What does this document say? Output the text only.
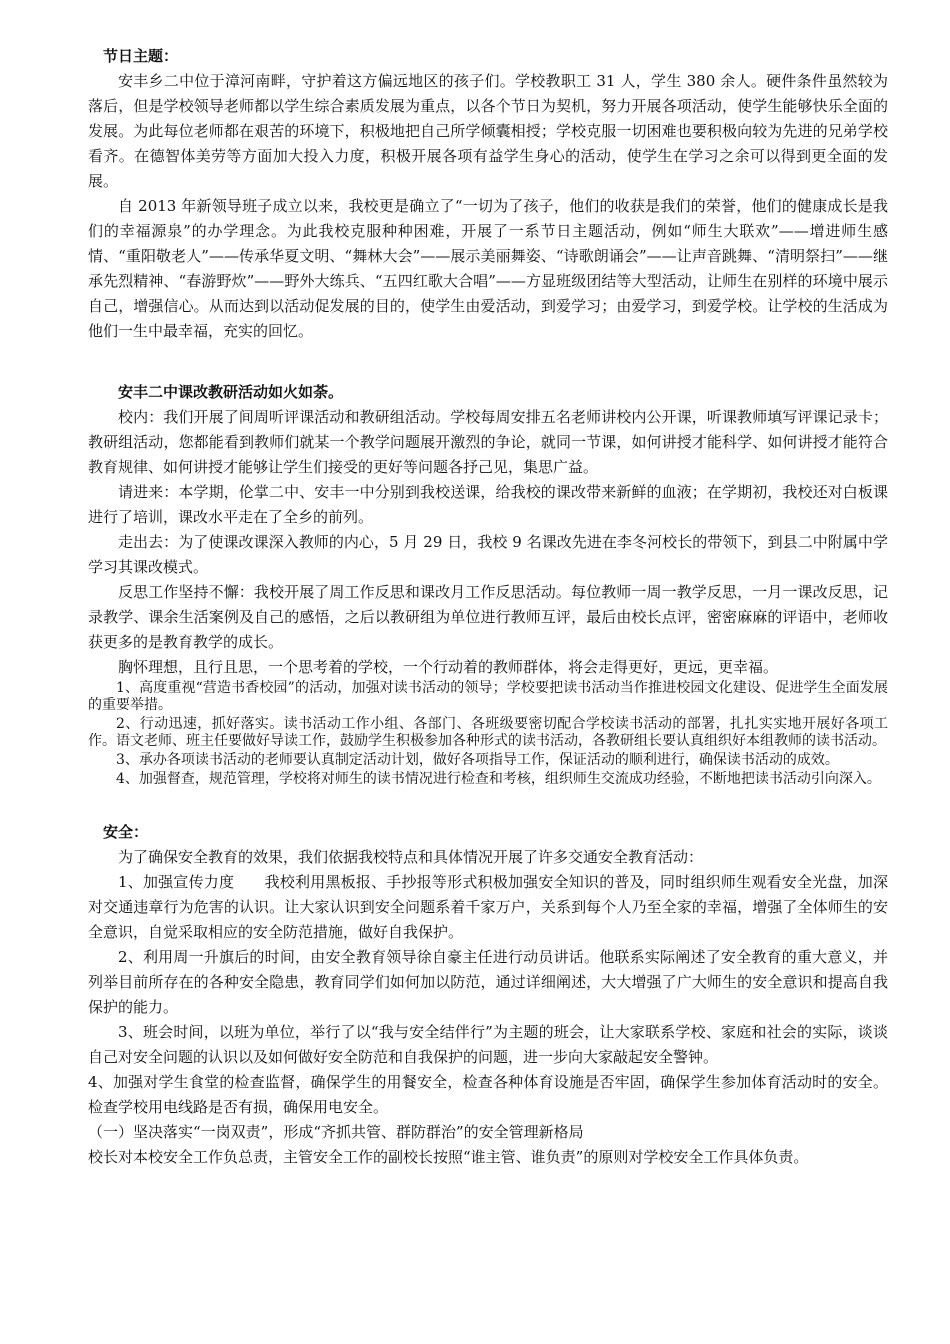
节日主题：

安丰乡二中位于漳河南畔，守护着这方偏远地区的孩子们。学校教职工 31 人，学生 380 余人。硬件条件虽然较为落后，但是学校领导老师都以学生综合素质发展为重点，以各个节日为契机，努力开展各项活动，使学生能够快乐全面的发展。为此每位老师都在艰苦的环境下，积极地把自己所学倾囊相授；学校克服一切困难也要积极向较为先进的兄弟学校看齐。在德智体美劳等方面加大投入力度，积极开展各项有益学生身心的活动，使学生在学习之余可以得到更全面的发展。

自 2013 年新领导班子成立以来，我校更是确立了“一切为了孩子，他们的收获是我们的荣誉，他们的健康成长是我们的幸福源泉”的办学理念。为此我校克服种种困难，开展了一系节日主题活动，例如“师生大联欢”——增进师生感情、“重阳敬老人”——传承华夏文明、“舞林大会”——展示美丽舞姿、“诗歌朗诵会”——让声音跳舞、“清明祭扫”——继承先烈精神、“春游野炊”——野外大练兵、“五四红歌大合唱”——方显班级团结等大型活动，让师生在别样的环境中展示自己，增强信心。从而达到以活动促发展的目的，使学生由爱活动，到爱学习；由爱学习，到爱学校。让学校的生活成为他们一生中最幸福，充实的回忆。

安丰二中课改教研活动如火如荼。

校内：我们开展了间周听评课活动和教研组活动。学校每周安排五名老师讲校内公开课，听课教师填写评课记录卡；教研组活动，您都能看到教师们就某一个教学问题展开激烈的争论，就同一节课，如何讲授才能科学、如何讲授才能符合教育规律、如何讲授才能够让学生们接受的更好等问题各抒己见，集思广益。

请进来：本学期，伦掌二中、安丰一中分别到我校送课，给我校的课改带来新鲜的血液；在学期初，我校还对白板课进行了培训，课改水平走在了全乡的前列。

走出去：为了使课改课深入教师的内心，5 月 29 日，我校 9 名课改先进在李冬河校长的带领下，到县二中附属中学学习其课改模式。

反思工作坚持不懈：我校开展了周工作反思和课改月工作反思活动。每位教师一周一教学反思，一月一课改反思，记录教学、课余生活案例及自己的感悟，之后以教研组为单位进行教师互评，最后由校长点评，密密麻麻的评语中，老师收获更多的是教育教学的成长。

胸怀理想，且行且思，一个思考着的学校，一个行动着的教师群体，将会走得更好，更远，更幸福。

1、高度重视“营造书香校园”的活动，加强对读书活动的领导；学校要把读书活动当作推进校园文化建设、促进学生全面发展的重要举措。

2、行动迅速，抓好落实。读书活动工作小组、各部门、各班级要密切配合学校读书活动的部署，扎扎实实地开展好各项工作。语文老师、班主任要做好导读工作，鼓励学生积极参加各种形式的读书活动，各教研组长要认真组织好本组教师的读书活动。

3、承办各项读书活动的老师要认真制定活动计划，做好各项指导工作，保证活动的顺利进行，确保读书活动的成效。

4、加强督查，规范管理，学校将对师生的读书情况进行检查和考核，组织师生交流成功经验，不断地把读书活动引向深入。

安全：

为了确保安全教育的效果，我们依据我校特点和具体情况开展了许多交通安全教育活动：

1、加强宣传力度　　我校利用黑板报、手抄报等形式积极加强安全知识的普及，同时组织师生观看安全光盘，加深对交通违章行为危害的认识。让大家认识到安全问题系着千家万户，关系到每个人乃至全家的幸福，增强了全体师生的安全意识，自觉采取相应的安全防范措施，做好自我保护。

2、利用周一升旗后的时间，由安全教育领导徐自豪主任进行动员讲话。他联系实际阐述了安全教育的重大意义，并列举目前所存在的各种安全隐患，教育同学们如何加以防范，通过详细阐述，大大增强了广大师生的安全意识和提高自我保护的能力。

3、班会时间，以班为单位，举行了以“我与安全结伴行”为主题的班会，让大家联系学校、家庭和社会的实际，谈谈自己对安全问题的认识以及如何做好安全防范和自我保护的问题，进一步向大家敲起安全警钟。

4、加强对学生食堂的检查监督，确保学生的用餐安全，检查各种体育设施是否牢固，确保学生参加体育活动时的安全。检查学校用电线路是否有损，确保用电安全。

（一）坚决落实“一岗双责”，形成“齐抓共管、群防群治”的安全管理新格局

校长对本校安全工作负总责，主管安全工作的副校长按照“谁主管、谁负责”的原则对学校安全工作具体负责。
